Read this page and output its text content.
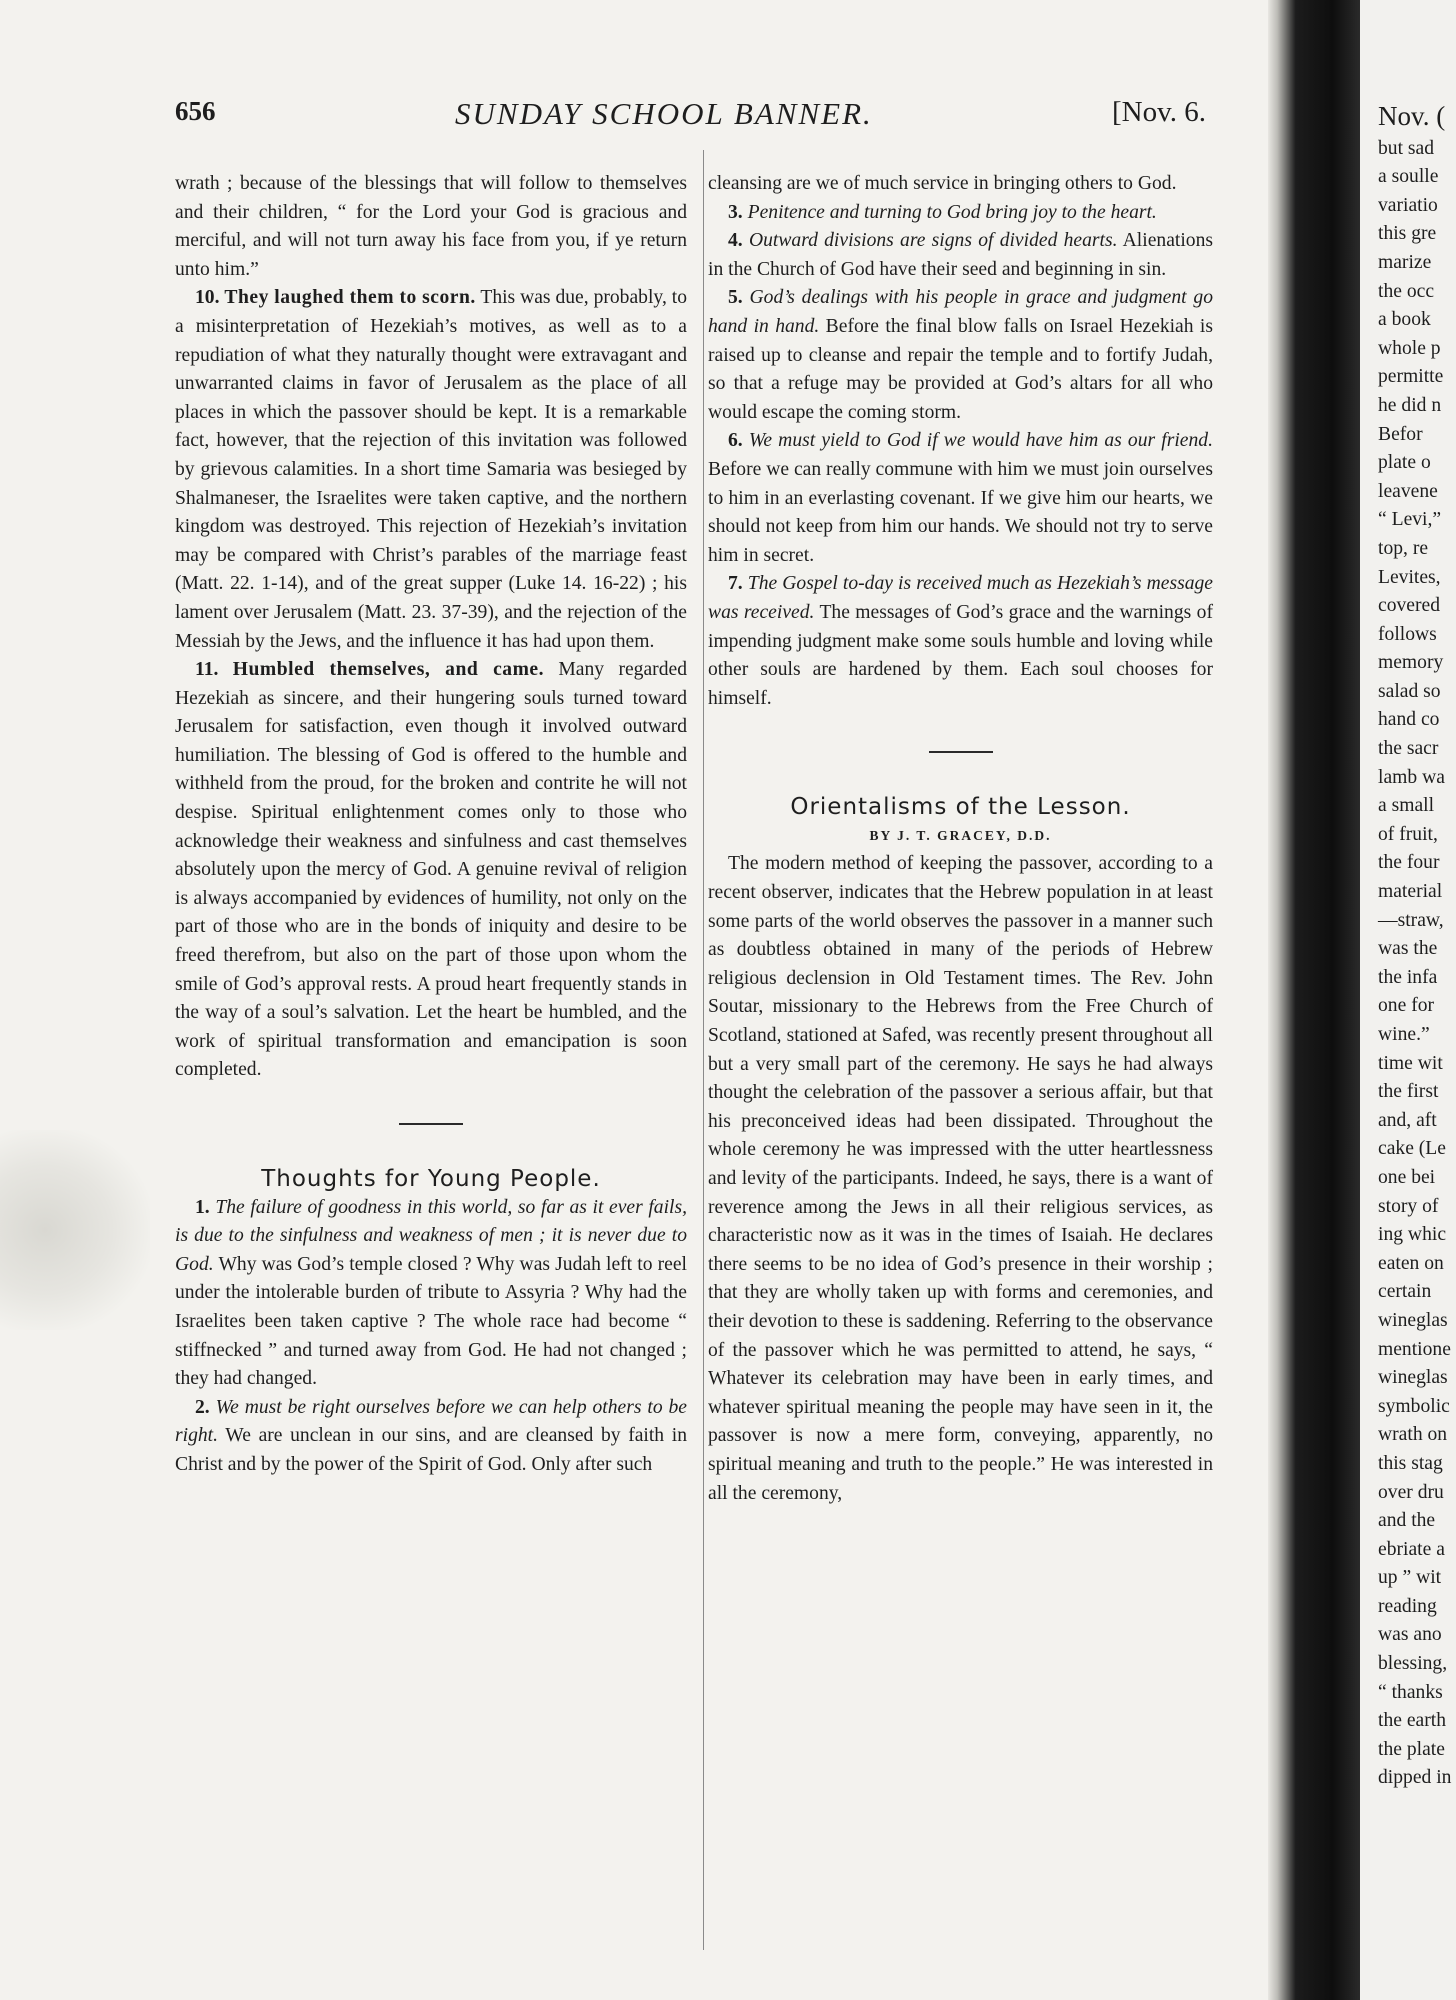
656	SUNDAY SCHOOL BANNER.	[Nov. 6.

wrath ; because of the blessings that will follow to themselves and their children, “ for the Lord your God is gracious and merciful, and will not turn away his face from you, if ye return unto him.”

10. They laughed them to scorn. This was due, probably, to a misinterpretation of Hezekiah’s motives, as well as to a repudiation of what they naturally thought were extravagant and unwarranted claims in favor of Jerusalem as the place of all places in which the passover should be kept. It is a remarkable fact, however, that the rejection of this invitation was followed by grievous calamities. In a short time Samaria was besieged by Shalmaneser, the Israelites were taken captive, and the northern kingdom was destroyed. This rejection of Hezekiah’s invitation may be compared with Christ’s parables of the marriage feast (Matt. 22. 1-14), and of the great supper (Luke 14. 16-22) ; his lament over Jerusalem (Matt. 23. 37-39), and the rejection of the Messiah by the Jews, and the influence it has had upon them.

11. Humbled themselves, and came. Many regarded Hezekiah as sincere, and their hungering souls turned toward Jerusalem for satisfaction, even though it involved outward humiliation. The blessing of God is offered to the humble and withheld from the proud, for the broken and contrite he will not despise. Spiritual enlightenment comes only to those who acknowledge their weakness and sinfulness and cast themselves absolutely upon the mercy of God. A genuine revival of religion is always accompanied by evidences of humility, not only on the part of those who are in the bonds of iniquity and desire to be freed therefrom, but also on the part of those upon whom the smile of God’s approval rests. A proud heart frequently stands in the way of a soul’s salvation. Let the heart be humbled, and the work of spiritual transformation and emancipation is soon completed.

Thoughts for Young People.

1. The failure of goodness in this world, so far as it ever fails, is due to the sinfulness and weakness of men ; it is never due to God. Why was God’s temple closed ? Why was Judah left to reel under the intolerable burden of tribute to Assyria ? Why had the Israelites been taken captive ? The whole race had become “ stiffnecked ” and turned away from God. He had not changed ; they had changed.

2. We must be right ourselves before we can help others to be right. We are unclean in our sins, and are cleansed by faith in Christ and by the power of the Spirit of God. Only after such

cleansing are we of much service in bringing others to God.

3. Penitence and turning to God bring joy to the heart.

4. Outward divisions are signs of divided hearts. Alienations in the Church of God have their seed and beginning in sin.

5. God’s dealings with his people in grace and judgment go hand in hand. Before the final blow falls on Israel Hezekiah is raised up to cleanse and repair the temple and to fortify Judah, so that a refuge may be provided at God’s altars for all who would escape the coming storm.

6. We must yield to God if we would have him as our friend. Before we can really commune with him we must join ourselves to him in an everlasting covenant. If we give him our hearts, we should not keep from him our hands. We should not try to serve him in secret.

7. The Gospel to-day is received much as Hezekiah’s message was received. The messages of God’s grace and the warnings of impending judgment make some souls humble and loving while other souls are hardened by them. Each soul chooses for himself.

Orientalisms of the Lesson.

BY J. T. GRACEY, D.D.

The modern method of keeping the passover, according to a recent observer, indicates that the Hebrew population in at least some parts of the world observes the passover in a manner such as doubtless obtained in many of the periods of Hebrew religious declension in Old Testament times. The Rev. John Soutar, missionary to the Hebrews from the Free Church of Scotland, stationed at Safed, was recently present throughout all but a very small part of the ceremony. He says he had always thought the celebration of the passover a serious affair, but that his preconceived ideas had been dissipated. Throughout the whole ceremony he was impressed with the utter heartlessness and levity of the participants. Indeed, he says, there is a want of reverence among the Jews in all their religious services, as characteristic now as it was in the times of Isaiah. He declares there seems to be no idea of God’s presence in their worship ; that they are wholly taken up with forms and ceremonies, and their devotion to these is saddening. Referring to the observance of the passover which he was permitted to attend, he says, “ Whatever its celebration may have been in early times, and whatever spiritual meaning the people may have seen in it, the passover is now a mere form, conveying, apparently, no spiritual meaning and truth to the people.” He was interested in all the ceremony,

Nov. (
but sad
a soulle
variatio
this gre
marize
the occ
a book
whole p
permitte
he did n
Befor
plate o
leavene
“ Levi,”
top, re
Levites,
covered
follows
memory
salad so
hand co
the sacr
lamb wa
a small
of fruit,
the four
material
—straw,
was the
the infa
one for
wine.”
time wit
the first
and, aft
cake (Le
one bei
story of
ing whic
eaten on
certain
wineglas
mentione
wineglas
symbolic
wrath on
this stag
over dru
and the
ebriate a
up ” wit
reading
was ano
blessing,
“ thanks
the earth
the plate
dipped in
